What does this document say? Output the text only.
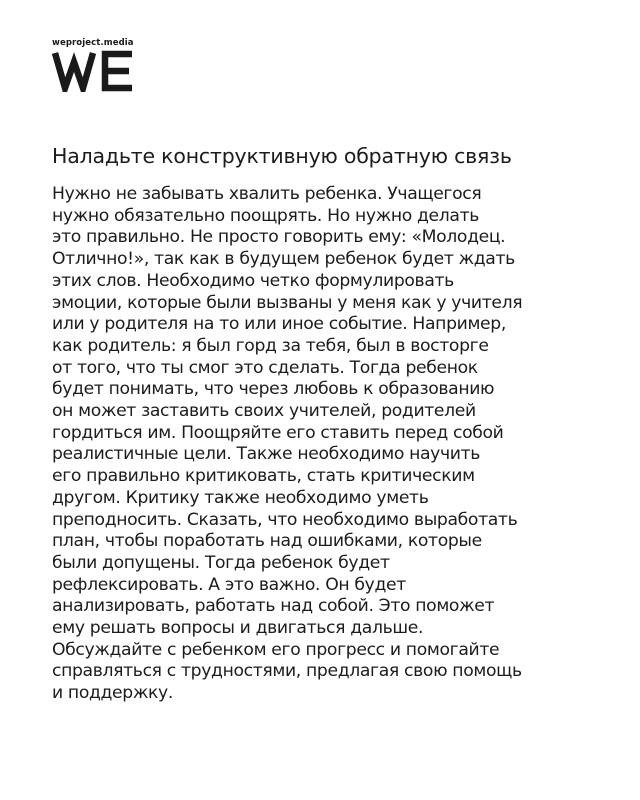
weproject.media
Наладьте конструктивную обратную связь
Нужно не забывать хвалить ребенка. Учащегося
нужно обязательно поощрять. Но нужно делать
это правильно. Не просто говорить ему: «Молодец.
Отлично!», так как в будущем ребенок будет ждать
этих слов. Необходимо четко формулировать
эмоции, которые были вызваны у меня как у учителя
или у родителя на то или иное событие. Например,
как родитель: я был горд за тебя, был в восторге
от того, что ты смог это сделать. Тогда ребенок
будет понимать, что через любовь к образованию
он может заставить своих учителей, родителей
гордиться им. Поощряйте его ставить перед собой
реалистичные цели. Также необходимо научить
его правильно критиковать, стать критическим
другом. Критику также необходимо уметь
преподносить. Сказать, что необходимо выработать
план, чтобы поработать над ошибками, которые
были допущены. Тогда ребенок будет
рефлексировать. А это важно. Он будет
анализировать, работать над собой. Это поможет
ему решать вопросы и двигаться дальше.
Обсуждайте с ребенком его прогресс и помогайте
справляться с трудностями, предлагая свою помощь
и поддержку.
